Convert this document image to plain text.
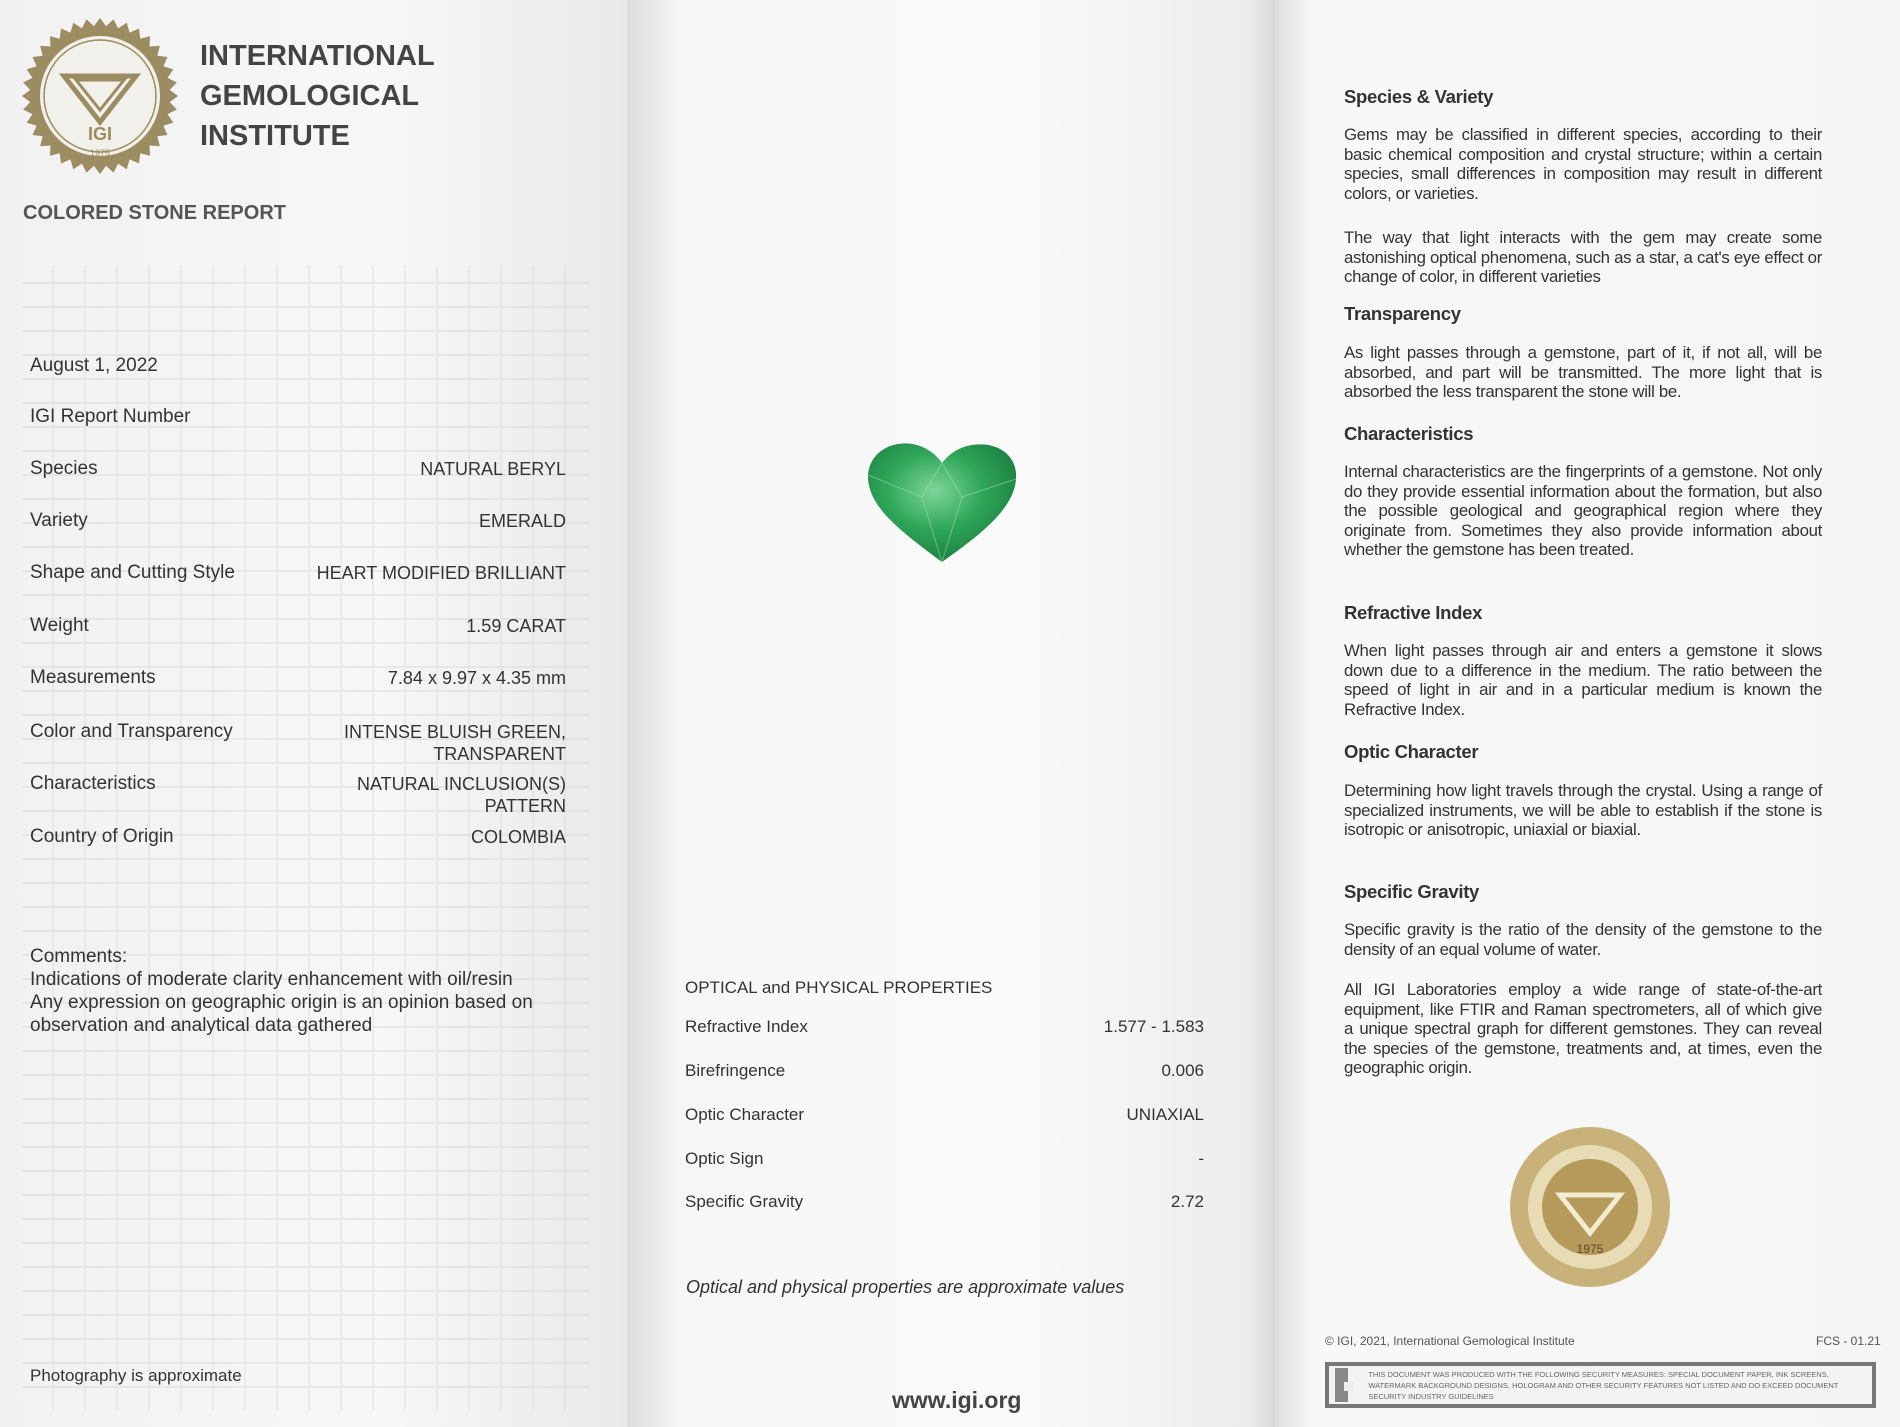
IGI
1975
INTERNATIONAL
GEMOLOGICAL
INSTITUTE
COLORED STONE REPORT
August 1, 2022
IGI Report Number
Species	NATURAL BERYL
Variety	EMERALD
Shape and Cutting Style	HEART MODIFIED BRILLIANT
Weight	1.59 CARAT
Measurements	7.84 x 9.97 x 4.35 mm
Color and Transparency	INTENSE BLUISH GREEN,
TRANSPARENT
Characteristics	NATURAL INCLUSION(S)
PATTERN
Country of Origin	COLOMBIA
Comments:
Indications of moderate clarity enhancement with oil/resin
Any expression on geographic origin is an opinion based on observation and analytical data gathered
Photography is approximate
OPTICAL and PHYSICAL PROPERTIES
Refractive Index	1.577 - 1.583
Birefringence	0.006
Optic Character	UNIAXIAL
Optic Sign	-
Specific Gravity	2.72
Optical and physical properties are approximate values
www.igi.org
Species & Variety
Gems may be classified in different species, according to their basic chemical composition and crystal structure; within a certain species, small differences in composition may result in different colors, or varieties.
The way that light interacts with the gem may create some astonishing optical phenomena, such as a star, a cat's eye effect or change of color, in different varieties
Transparency
As light passes through a gemstone, part of it, if not all, will be absorbed, and part will be transmitted. The more light that is absorbed the less transparent the stone will be.
Characteristics
Internal characteristics are the fingerprints of a gemstone. Not only do they provide essential information about the formation, but also the possible geological and geographical region where they originate from. Sometimes they also provide information about whether the gemstone has been treated.
Refractive Index
When light passes through air and enters a gemstone it slows down due to a difference in the medium. The ratio between the speed of light in air and in a particular medium is known the Refractive Index.
Optic Character
Determining how light travels through the crystal. Using a range of specialized instruments, we will be able to establish if the stone is isotropic or anisotropic, uniaxial or biaxial.
Specific Gravity
Specific gravity is the ratio of the density of the gemstone to the density of an equal volume of water.
All IGI Laboratories employ a wide range of state-of-the-art equipment, like FTIR and Raman spectrometers, all of which give a unique spectral graph for different gemstones. They can reveal the species of the gemstone, treatments and, at times, even the geographic origin.
1975
© IGI, 2021, International Gemological Institute	FCS - 01.21
THIS DOCUMENT WAS PRODUCED WITH THE FOLLOWING SECURITY MEASURES: SPECIAL DOCUMENT PAPER, INK SCREENS, WATERMARK BACKGROUND DESIGNS, HOLOGRAM AND OTHER SECURITY FEATURES NOT LISTED AND DO EXCEED DOCUMENT SECURITY INDUSTRY GUIDELINES
